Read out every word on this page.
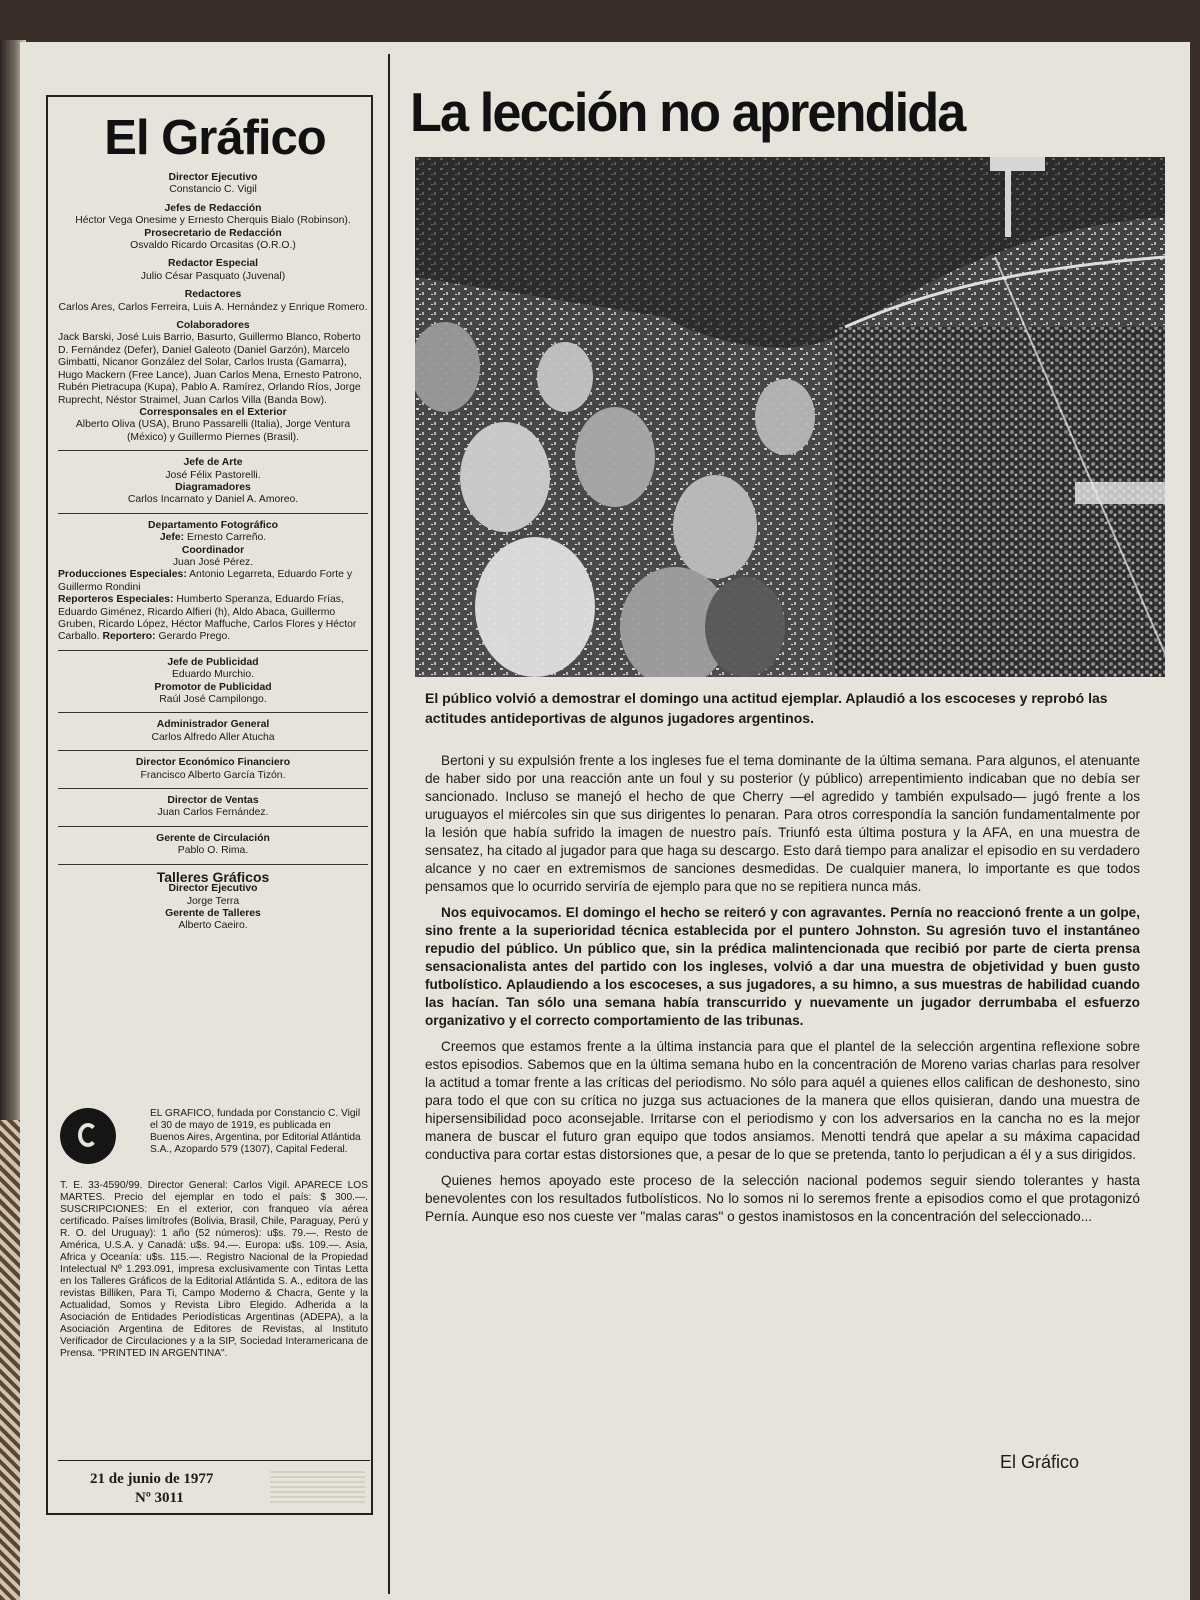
El Gráfico
Director Ejecutivo
Constancio C. Vigil
Jefes de Redacción
Héctor Vega Onesime y Ernesto Cherquis Bialo (Robinson).
Prosecretario de Redacción
Osvaldo Ricardo Orcasitas (O.R.O.)
Redactor Especial
Julio César Pasquato (Juvenal)
Redactores
Carlos Ares, Carlos Ferreira, Luis A. Hernández y Enrique Romero.
Colaboradores
Jack Barski, José Luis Barrio, Basurto, Guillermo Blanco, Roberto D. Fernández (Defer), Daniel Galeoto (Daniel Garzón), Marcelo Gimbatti, Nicanor González del Solar, Carlos Irusta (Gamarra), Hugo Mackern (Free Lance), Juan Carlos Mena, Ernesto Patrono, Rubén Pietracupa (Kupa), Pablo A. Ramírez, Orlando Ríos, Jorge Ruprecht, Néstor Straimel, Juan Carlos Villa (Banda Bow).
Corresponsales en el Exterior
Alberto Oliva (USA), Bruno Passarelli (Italia), Jorge Ventura (México) y Guillermo Piernes (Brasil).
Jefe de Arte
José Félix Pastorelli.
Diagramadores
Carlos Incarnato y Daniel A. Amoreo.
Departamento Fotográfico
Jefe: Ernesto Carreño.
Coordinador
Juan José Pérez.
Producciones Especiales: Antonio Legarreta, Eduardo Forte y Guillermo Rondini
Reporteros Especiales: Humberto Speranza, Eduardo Frías, Eduardo Giménez, Ricardo Alfieri (h), Aldo Abaca, Guillermo Gruben, Ricardo López, Héctor Maffuche, Carlos Flores y Héctor Carballo. Reportero: Gerardo Prego.
Jefe de Publicidad
Eduardo Murchio.
Promotor de Publicidad
Raúl José Campilongo.
Administrador General
Carlos Alfredo Aller Atucha
Director Económico Financiero
Francisco Alberto García Tizón.
Director de Ventas
Juan Carlos Fernández.
Gerente de Circulación
Pablo O. Rima.
Talleres Gráficos
Director Ejecutivo
Jorge Terra
Gerente de Talleres
Alberto Caeiro.
EL GRAFICO, fundada por Constancio C. Vigil el 30 de mayo de 1919, es publicada en Buenos Aires, Argentina, por Editorial Atlántida S.A., Azopardo 579 (1307), Capital Federal.
T. E. 33-4590/99. Director General: Carlos Vigil. APARECE LOS MARTES. Precio del ejemplar en todo el país: $ 300.—. SUSCRIPCIONES: En el exterior, con franqueo vía aérea certificado. Países limítrofes (Bolivia, Brasil, Chile, Paraguay, Perú y R. O. del Uruguay): 1 año (52 números): u$s. 79.—. Resto de América, U.S.A. y Canadá: u$s. 94.—. Europa: u$s. 109.—. Asia, Africa y Oceanía: u$s. 115.—. Registro Nacional de la Propiedad Intelectual Nº 1.293.091, impresa exclusivamente con Tintas Letta en los Talleres Gráficos de la Editorial Atlántida S. A., editora de las revistas Billiken, Para Ti, Campo Moderno & Chacra, Gente y la Actualidad, Somos y Revista Libro Elegido. Adherida a la Asociación de Entidades Periodísticas Argentinas (ADEPA), a la Asociación Argentina de Editores de Revistas, al Instituto Verificador de Circulaciones y a la SIP, Sociedad Interamericana de Prensa. "PRINTED IN ARGENTINA".
21 de junio de 1977
Nº 3011
La lección no aprendida
El público volvió a demostrar el domingo una actitud ejemplar. Aplaudió a los escoceses y reprobó las actitudes antideportivas de algunos jugadores argentinos.

Bertoni y su expulsión frente a los ingleses fue el tema dominante de la última semana. Para algunos, el atenuante de haber sido por una reacción ante un foul y su posterior (y público) arrepentimiento indicaban que no debía ser sancionado. Incluso se manejó el hecho de que Cherry —el agredido y también expulsado— jugó frente a los uruguayos el miércoles sin que sus dirigentes lo penaran. Para otros correspondía la sanción fundamentalmente por la lesión que había sufrido la imagen de nuestro país. Triunfó esta última postura y la AFA, en una muestra de sensatez, ha citado al jugador para que haga su descargo. Esto dará tiempo para analizar el episodio en su verdadero alcance y no caer en extremismos de sanciones desmedidas. De cualquier manera, lo importante es que todos pensamos que lo ocurrido serviría de ejemplo para que no se repitiera nunca más.

Nos equivocamos. El domingo el hecho se reiteró y con agravantes. Pernía no reaccionó frente a un golpe, sino frente a la superioridad técnica establecida por el puntero Johnston. Su agresión tuvo el instantáneo repudio del público. Un público que, sin la prédica malintencionada que recibió por parte de cierta prensa sensacionalista antes del partido con los ingleses, volvió a dar una muestra de objetividad y buen gusto futbolístico. Aplaudiendo a los escoceses, a sus jugadores, a su himno, a sus muestras de habilidad cuando las hacían. Tan sólo una semana había transcurrido y nuevamente un jugador derrumbaba el esfuerzo organizativo y el correcto comportamiento de las tribunas.

Creemos que estamos frente a la última instancia para que el plantel de la selección argentina reflexione sobre estos episodios. Sabemos que en la última semana hubo en la concentración de Moreno varias charlas para resolver la actitud a tomar frente a las críticas del periodismo. No sólo para aquél a quienes ellos califican de deshonesto, sino para todo el que con su crítica no juzga sus actuaciones de la manera que ellos quisieran, dando una muestra de hipersensibilidad poco aconsejable. Irritarse con el periodismo y con los adversarios en la cancha no es la mejor manera de buscar el futuro gran equipo que todos ansiamos. Menotti tendrá que apelar a su máxima capacidad conductiva para cortar estas distorsiones que, a pesar de lo que se pretenda, tanto lo perjudican a él y a sus dirigidos.

Quienes hemos apoyado este proceso de la selección nacional podemos seguir siendo tolerantes y hasta benevolentes con los resultados futbolísticos. No lo somos ni lo seremos frente a episodios como el que protagonizó Pernía. Aunque eso nos cueste ver "malas caras" o gestos inamistosos en la concentración del seleccionado...

El Gráfico
